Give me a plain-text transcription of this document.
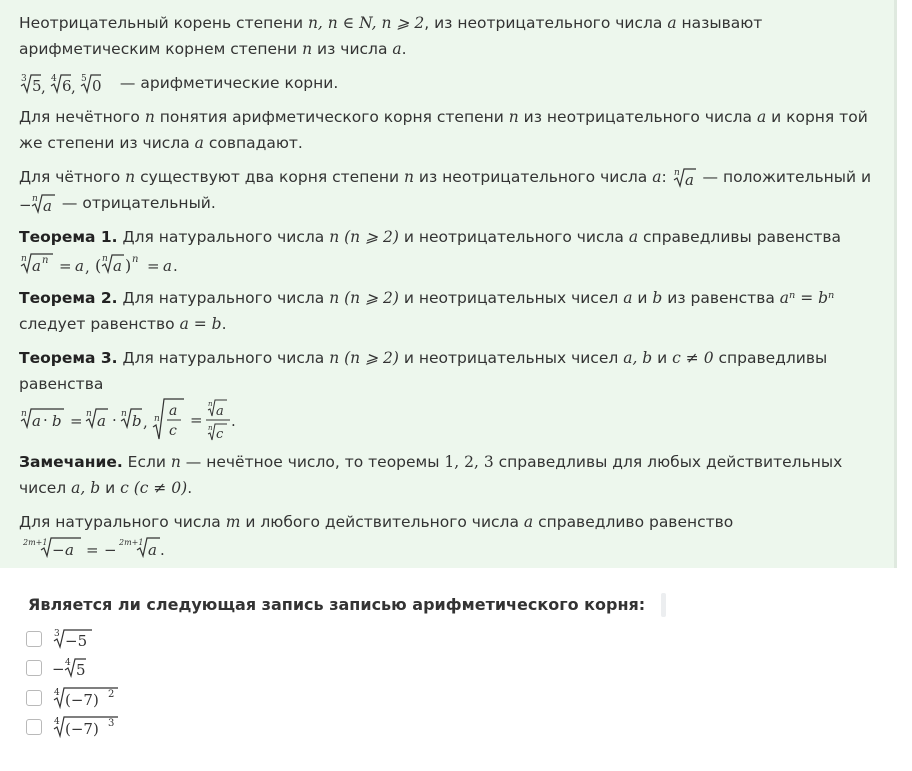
Неотрицательный корень степени n, n ∈ N, n ⩾ 2, из неотрицательного числа a называют арифметическим корнем степени n из числа a.

3 5 , 4 6 , 5 0 — арифметические корни.

Для нечётного n понятия арифметического корня степени n из неотрицательного числа a и корня той же степени из числа a совпадают.

Для чётного n существуют два корня степени n из неотрицательного числа a: n a — положительный и
− n a — отрицательный.

Теорема 1. Для натурального числа n (n ⩾ 2) и неотрицательного числа a справедливы равенства

n a n = a , ( n a ) n = a .

Теорема 2. Для натурального числа n (n ⩾ 2) и неотрицательных чисел a и b из равенства aⁿ = bⁿ следует равенство a = b.

Теорема 3. Для натурального числа n (n ⩾ 2) и неотрицательных чисел a, b и c ≠ 0 справедливы равенства

n a · b = n a · n b , n a
c
=
n a
n c
.

Замечание. Если n — нечётное число, то теоремы 1, 2, 3 справедливы для любых действительных чисел a, b и c (c ≠ 0).

Для натурального числа m и любого действительного числа a справедливо равенство

2m+1 − a = − 2m+1 a .

Является ли следующая запись записью арифметического корня:
3 −5
− 4 5
4 (−7) 2
4 (−7) 3
